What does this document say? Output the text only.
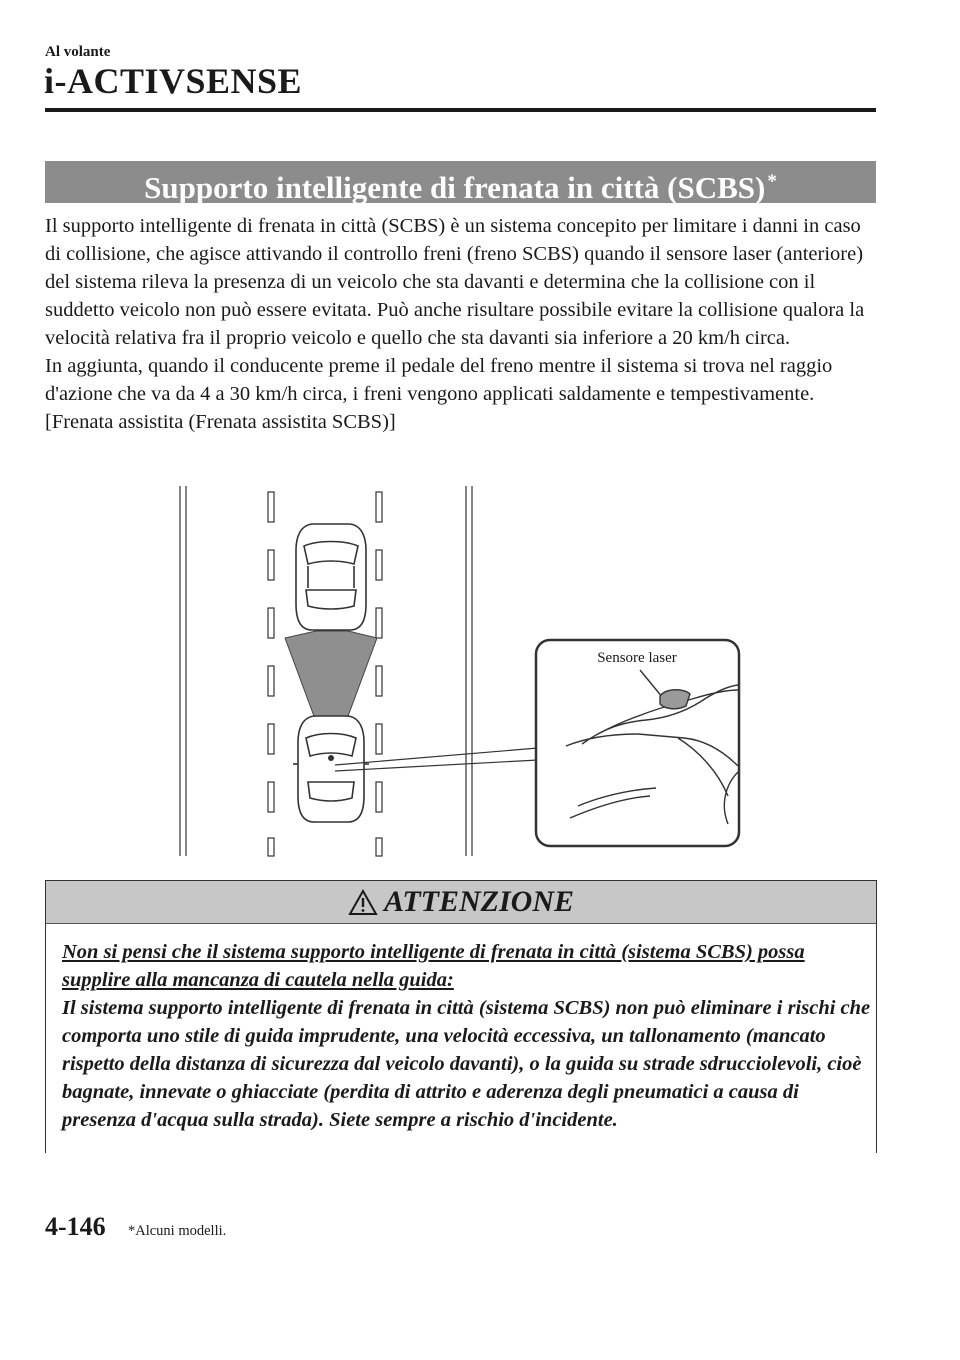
Al volante
i-ACTIVSENSE
Supporto intelligente di frenata in città (SCBS) *

Il supporto intelligente di frenata in città (SCBS) è un sistema concepito per limitare i danni in caso di collisione, che agisce attivando il controllo freni (freno SCBS) quando il sensore laser (anteriore) del sistema rileva la presenza di un veicolo che sta davanti e determina che la collisione con il suddetto veicolo non può essere evitata. Può anche risultare possibile evitare la collisione qualora la velocità relativa fra il proprio veicolo e quello che sta davanti sia inferiore a 20 km/h circa.

In aggiunta, quando il conducente preme il pedale del freno mentre il sistema si trova nel raggio d'azione che va da 4 a 30 km/h circa, i freni vengono applicati saldamente e tempestivamente. [Frenata assistita (Frenata assistita SCBS)]

Sensore laser
ATTENZIONE

Non si pensi che il sistema supporto intelligente di frenata in città (sistema SCBS) possa supplire alla mancanza di cautela nella guida:

Il sistema supporto intelligente di frenata in città (sistema SCBS) non può eliminare i rischi che comporta uno stile di guida imprudente, una velocità eccessiva, un tallonamento (mancato rispetto della distanza di sicurezza dal veicolo davanti), o la guida su strade sdrucciolevoli, cioè bagnate, innevate o ghiacciate (perdita di attrito e aderenza degli pneumatici a causa di presenza d'acqua sulla strada). Siete sempre a rischio d'incidente.

4-146 *Alcuni modelli.
